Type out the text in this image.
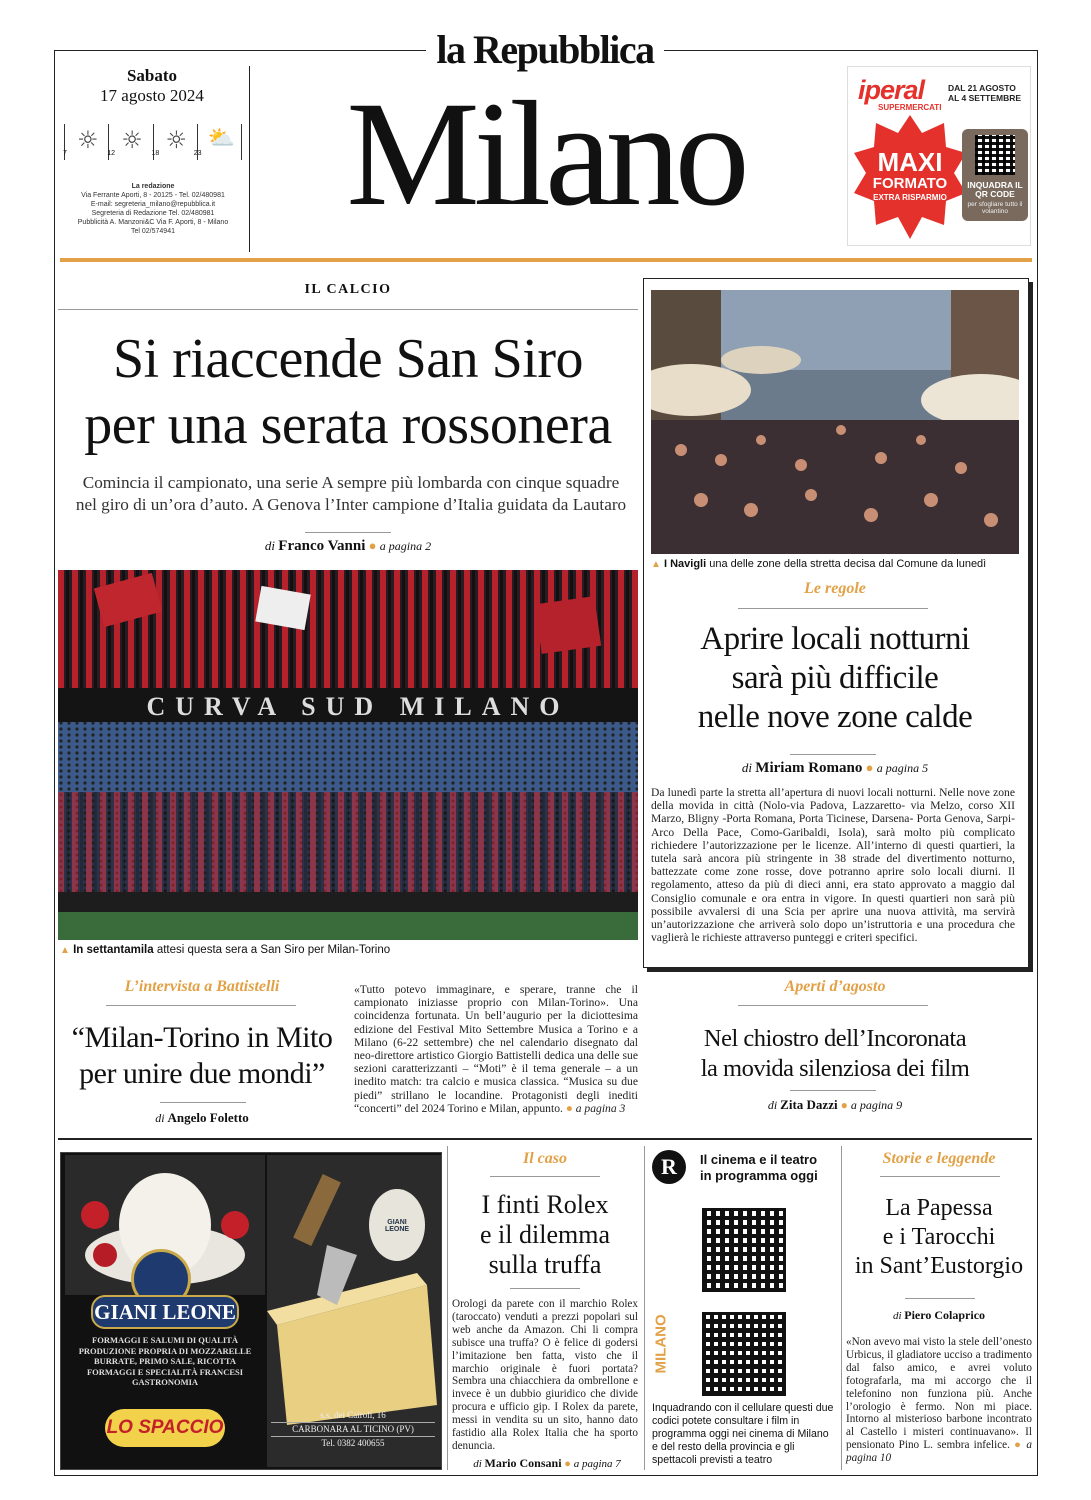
la Repubblica
Milano
Sabato
17 agosto 2024
☼
7 ☼
12 ☼
18
⛅
23
La redazione
Via Ferrante Aporti, 8 - 20125 - Tel. 02/480981
E-mail: segreteria_milano@repubblica.it
Segreteria di Redazione Tel. 02/480981
Pubblicità A. Manzoni&C Via F. Aporti, 8 - Milano
Tel 02/574941
iperal
SUPERMERCATI
DAL 21 AGOSTO AL 4 SETTEMBRE
MAXI
FORMATO
EXTRA RISPARMIO
INQUADRA IL QR CODE
per sfogliare tutto il volantino
IL CALCIO
Si riaccende San Siro
per una serata rossonera
Comincia il campionato, una serie A sempre più lombarda con cinque squadre
nel giro di un’ora d’auto. A Genova l’Inter campione d’Italia guidata da Lautaro
di Franco Vanni ● a pagina 2
CURVA SUD MILANO
▲ In settantamila attesi questa sera a San Siro per Milan-Torino
▲ I Navigli una delle zone della stretta decisa dal Comune da lunedì
Le regole
Aprire locali notturni
sarà più difficile
nelle nove zone calde
di Miriam Romano ● a pagina 5
Da lunedì parte la stretta all’apertura di nuovi locali notturni. Nelle nove zone della movida in città (Nolo-via Padova, Lazzaretto- via Melzo, corso XII Marzo, Bligny -Porta Romana, Porta Ticinese, Darsena- Porta Genova, Sarpi- Arco Della Pace, Como-Garibaldi, Isola), sarà molto più complicato richiedere l’autorizzazione per le licenze. All’interno di questi quartieri, la tutela sarà ancora più stringente in 38 strade del divertimento notturno, battezzate come zone rosse, dove potranno aprire solo locali diurni. Il regolamento, atteso da più di dieci anni, era stato approvato a maggio dal Consiglio comunale e ora entra in vigore. In questi quartieri non sarà più possibile avvalersi di una Scia per aprire una nuova attività, ma servirà un’autorizzazione che arriverà solo dopo un’istruttoria e una procedura che vaglierà le richieste attraverso punteggi e criteri specifici.
L’intervista a Battistelli
“Milan-Torino in Mito
per unire due mondi”
di Angelo Foletto
«Tutto potevo immaginare, e sperare, tranne che il campionato iniziasse proprio con Milan-Torino». Una coincidenza fortunata. Un bell’augurio per la diciottesima edizione del Festival Mito Settembre Musica a Torino e a Milano (6-22 settembre) che nel calendario disegnato dal neo-direttore artistico Giorgio Battistelli dedica una delle sue sezioni caratterizzanti – “Moti” è il tema generale – a un inedito match: tra calcio e musica classica. “Musica su due piedi” strillano le locandine. Protagonisti degli inediti “concerti” del 2024 Torino e Milan, appunto. ● a pagina 3
Aperti d’agosto
Nel chiostro dell’Incoronata
la movida silenziosa dei film
di Zita Dazzi ● a pagina 9
GIANI LEONE
GIANI LEONE
FORMAGGI E SALUMI DI QUALITÀ
PRODUZIONE PROPRIA DI MOZZARELLE
BURRATE, PRIMO SALE, RICOTTA
FORMAGGI E SPECIALITÀ FRANCESI
GASTRONOMIA
LO SPACCIO
s.s. dei Cairoli, 16
CARBONARA AL TICINO (PV)
Tel. 0382 400655
Il caso
I finti Rolex
e il dilemma
sulla truffa
Orologi da parete con il marchio Rolex (taroccato) venduti a prezzi popolari sul web anche da Amazon. Chi li compra subisce una truffa? O è felice di godersi l’imitazione ben fatta, visto che il marchio originale è fuori portata? Sembra una chiacchiera da ombrellone e invece è un dubbio giuridico che divide procura e ufficio gip. I Rolex da parete, messi in vendita su un sito, hanno dato fastidio alla Rolex Italia che ha sporto denuncia.
di Mario Consani ● a pagina 7
R	Il cinema e il teatro
in programma oggi
MILANO
Inquadrando con il cellulare questi due codici potete consultare i film in programma oggi nei cinema di Milano e del resto della provincia e gli spettacoli previsti a teatro
Storie e leggende
La Papessa
e i Tarocchi
in Sant’Eustorgio
di Piero Colaprico
«Non avevo mai visto la stele dell’onesto Urbicus, il gladiatore ucciso a tradimento dal falso amico, e avrei voluto fotografarla, ma mi accorgo che il telefonino non funziona più. Anche l’orologio è fermo. Non mi piace. Intorno al misterioso barbone incontrato al Castello i misteri continuavano». Il pensionato Pino L. sembra infelice. ● a pagina 10
